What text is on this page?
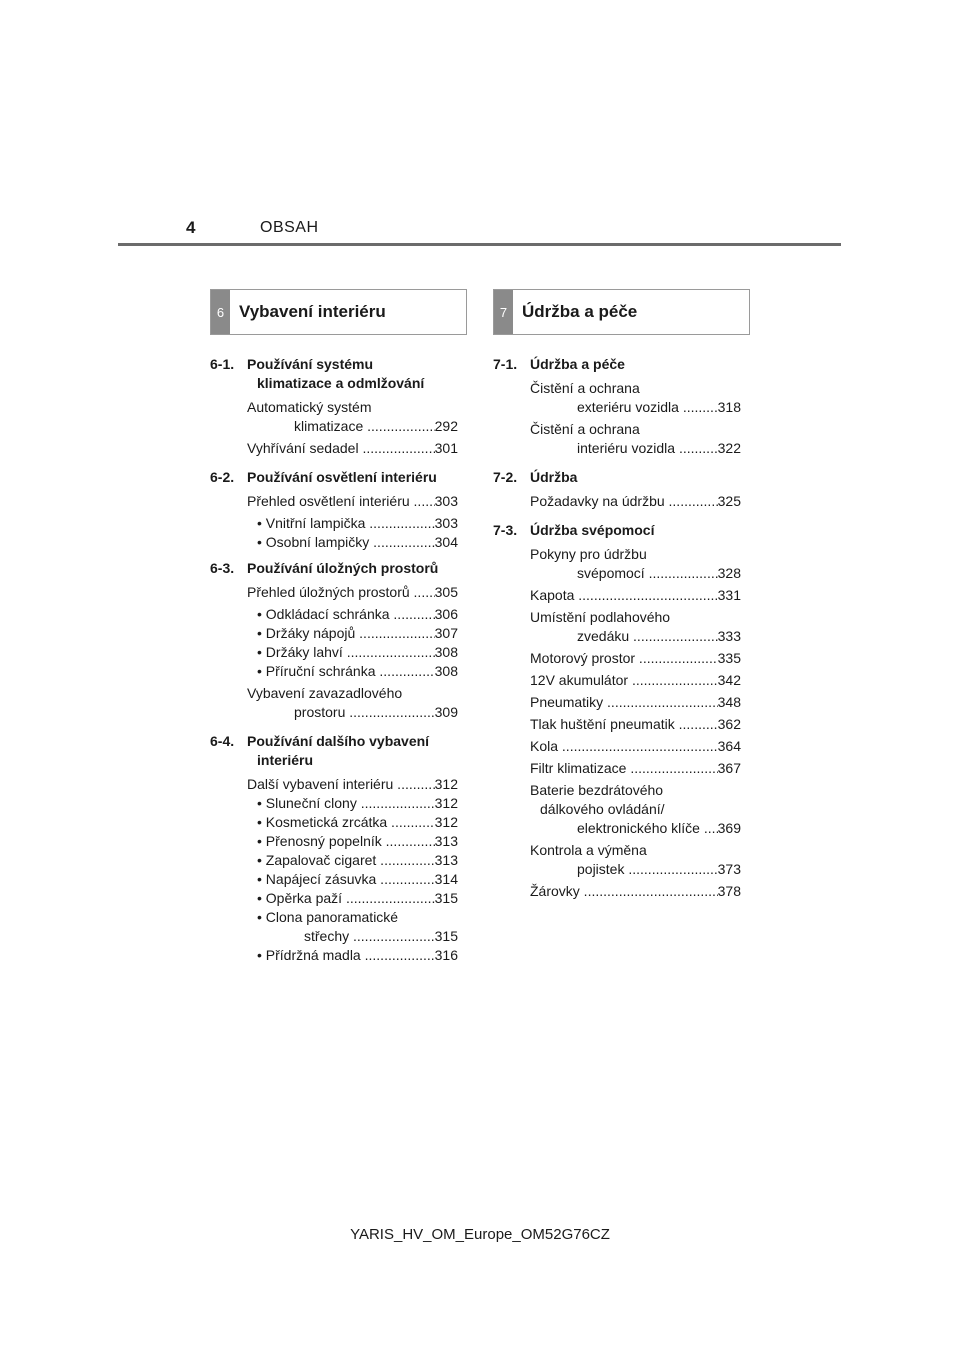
4	OBSAH
6 Vybavení interiéru	7 Údržba a péče
6-1. Používání systému
klimatizace a odmlžování
Automatický systém
klimatizace .....	292
Vyhřívání sedadel .....	301
6-2. Používání osvětlení interiéru
Přehled osvětlení interiéru .....	303
• Vnitřní lampička .....	303
• Osobní lampičky .....	304
6-3. Používání úložných prostorů
Přehled úložných prostorů .....	305
• Odkládací schránka .....	306
• Držáky nápojů .....	307
• Držáky lahví .....	308
• Příruční schránka .....	308
Vybavení zavazadlového
prostoru .....	309
6-4. Používání dalšího vybavení
interiéru
Další vybavení interiéru .....	312
• Sluneční clony .....	312
• Kosmetická zrcátka .....	312
• Přenosný popelník .....	313
• Zapalovač cigaret .....	313
• Napájecí zásuvka .....	314
• Opěrka paží .....	315
• Clona panoramatické
střechy .....	315
• Přídržná madla .....	316
7-1. Údržba a péče
Čistění a ochrana
exteriéru vozidla .....	318
Čistění a ochrana
interiéru vozidla .....	322
7-2. Údržba
Požadavky na údržbu .....	325
7-3. Údržba svépomocí
Pokyny pro údržbu
svépomocí .....	328
Kapota .....	331
Umístění podlahového
zvedáku .....	333
Motorový prostor .....	335
12V akumulátor .....	342
Pneumatiky .....	348
Tlak huštění pneumatik .....	362
Kola .....	364
Filtr klimatizace .....	367
Baterie bezdrátového
dálkového ovládání/
elektronického klíče .....	369
Kontrola a výměna
pojistek .....	373
Žárovky .....	378
YARIS_HV_OM_Europe_OM52G76CZ
